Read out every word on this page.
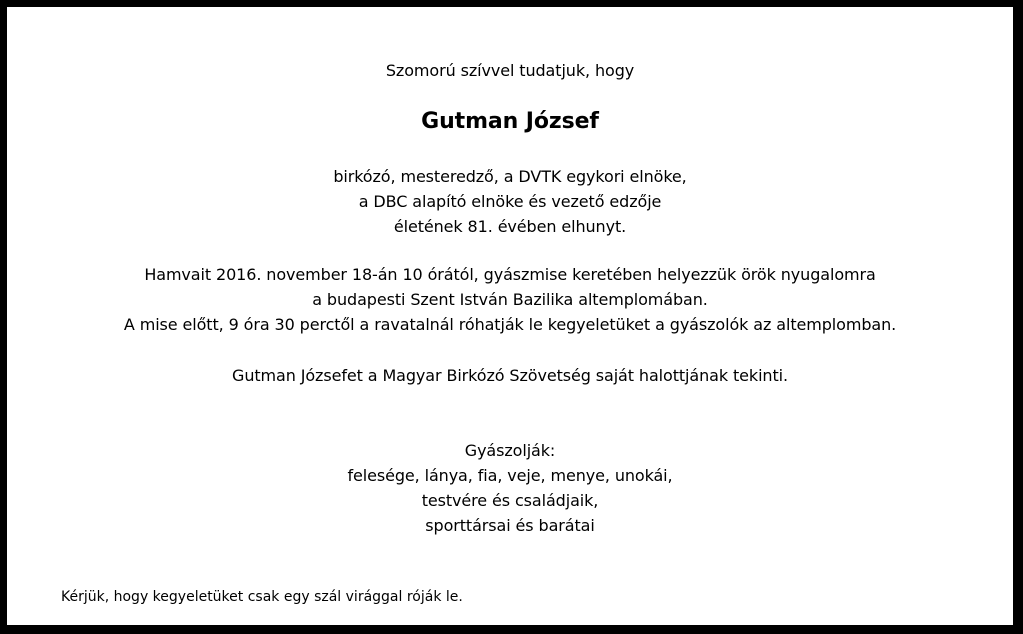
Szomorú szívvel tudatjuk, hogy
Gutman József
birkózó, mesteredző, a DVTK egykori elnöke,
a DBC alapító elnöke és vezető edzője
életének 81. évében elhunyt.
Hamvait 2016. november 18-án 10 órától, gyászmise keretében helyezzük örök nyugalomra
a budapesti Szent István Bazilika altemplomában.
A mise előtt, 9 óra 30 perctől a ravatalnál róhatják le kegyeletüket a gyászolók az altemplomban.
Gutman Józsefet a Magyar Birkózó Szövetség saját halottjának tekinti.
Gyászolják:
felesége, lánya, fia, veje, menye, unokái,
testvére és családjaik,
sporttársai és barátai
Kérjük, hogy kegyeletüket csak egy szál virággal róják le.
